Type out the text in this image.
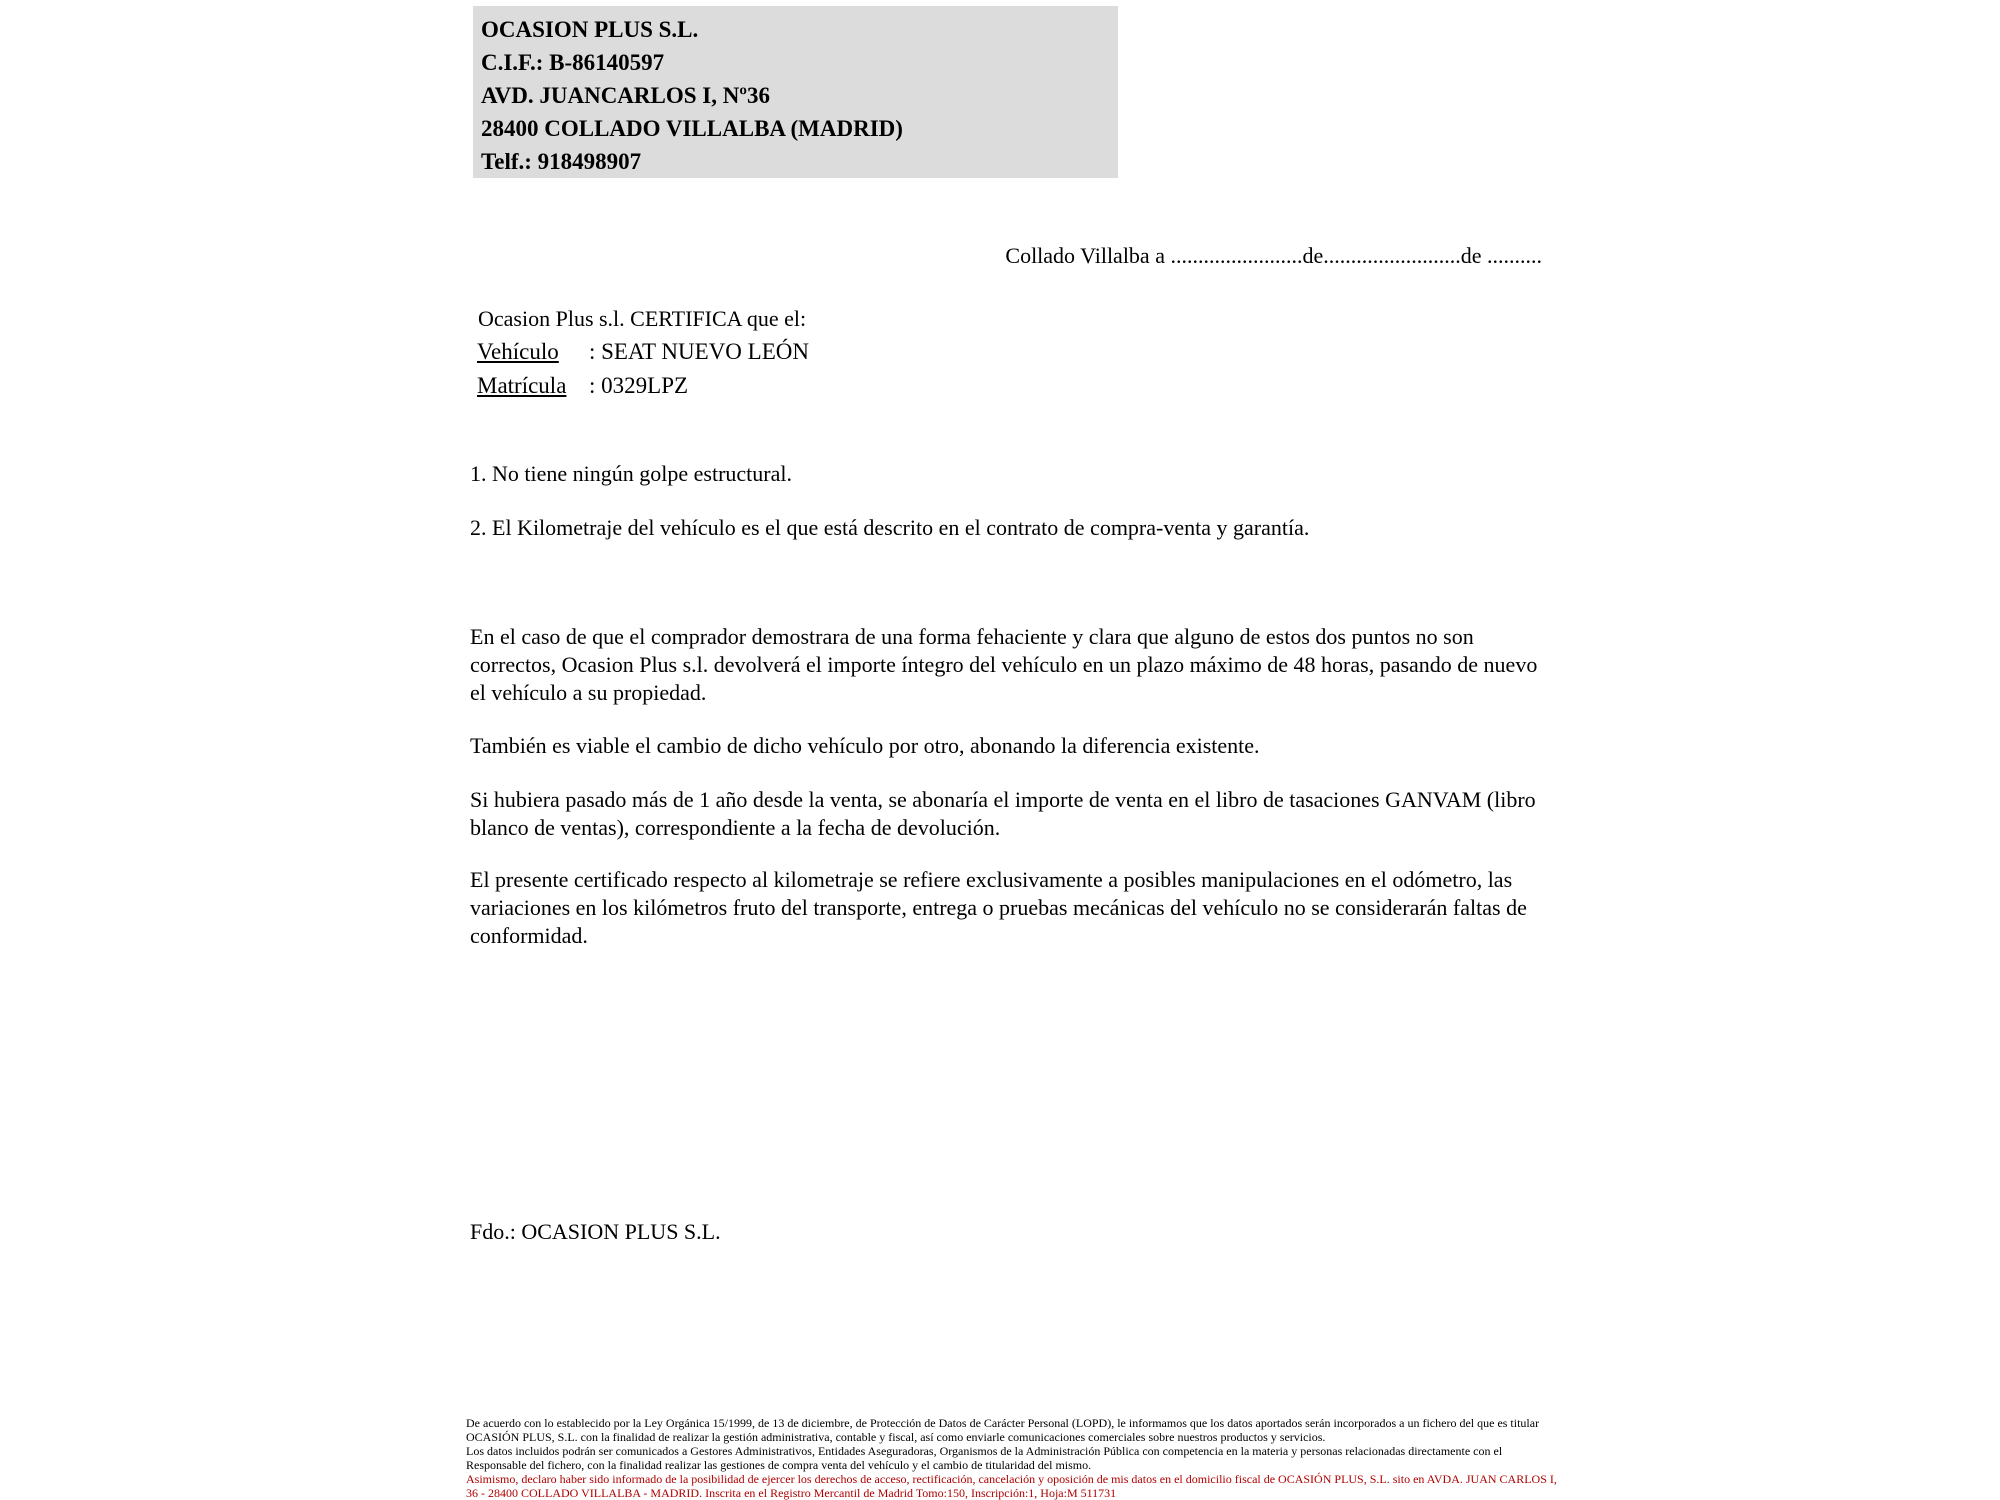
OCASION PLUS S.L.
C.I.F.: B-86140597
AVD. JUANCARLOS I, Nº36
28400 COLLADO VILLALBA (MADRID)
Telf.: 918498907
Collado Villalba a ........................de.........................de ..........
Ocasion Plus s.l. CERTIFICA que el:
Vehículo : SEAT NUEVO LEÓN
Matrícula : 0329LPZ
1. No tiene ningún golpe estructural.
2. El Kilometraje del vehículo es el que está descrito en el contrato de compra-venta y garantía.
En el caso de que el comprador demostrara de una forma fehaciente y clara que alguno de estos dos puntos no son correctos, Ocasion Plus s.l. devolverá el importe íntegro del vehículo en un plazo máximo de 48 horas, pasando de nuevo el vehículo a su propiedad.
También es viable el cambio de dicho vehículo por otro, abonando la diferencia existente.
Si hubiera pasado más de 1 año desde la venta, se abonaría el importe de venta en el libro de tasaciones GANVAM (libro blanco de ventas), correspondiente a la fecha de devolución.
El presente certificado respecto al kilometraje se refiere exclusivamente a posibles manipulaciones en el odómetro, las variaciones en los kilómetros fruto del transporte, entrega o pruebas mecánicas del vehículo no se considerarán faltas de conformidad.
Fdo.: OCASION PLUS S.L.

De acuerdo con lo establecido por la Ley Orgánica 15/1999, de 13 de diciembre, de Protección de Datos de Carácter Personal (LOPD), le informamos que los datos aportados serán incorporados a un fichero del que es titular OCASIÓN PLUS, S.L. con la finalidad de realizar la gestión administrativa, contable y fiscal, así como enviarle comunicaciones comerciales sobre nuestros productos y servicios.

Los datos incluidos podrán ser comunicados a Gestores Administrativos, Entidades Aseguradoras, Organismos de la Administración Pública con competencia en la materia y personas relacionadas directamente con el Responsable del fichero, con la finalidad realizar las gestiones de compra venta del vehículo y el cambio de titularidad del mismo.

Asimismo, declaro haber sido informado de la posibilidad de ejercer los derechos de acceso, rectificación, cancelación y oposición de mis datos en el domicilio fiscal de OCASIÓN PLUS, S.L. sito en AVDA. JUAN CARLOS I, 36 - 28400 COLLADO VILLALBA - MADRID. Inscrita en el Registro Mercantil de Madrid Tomo:150, Inscripción:1, Hoja:M 511731
